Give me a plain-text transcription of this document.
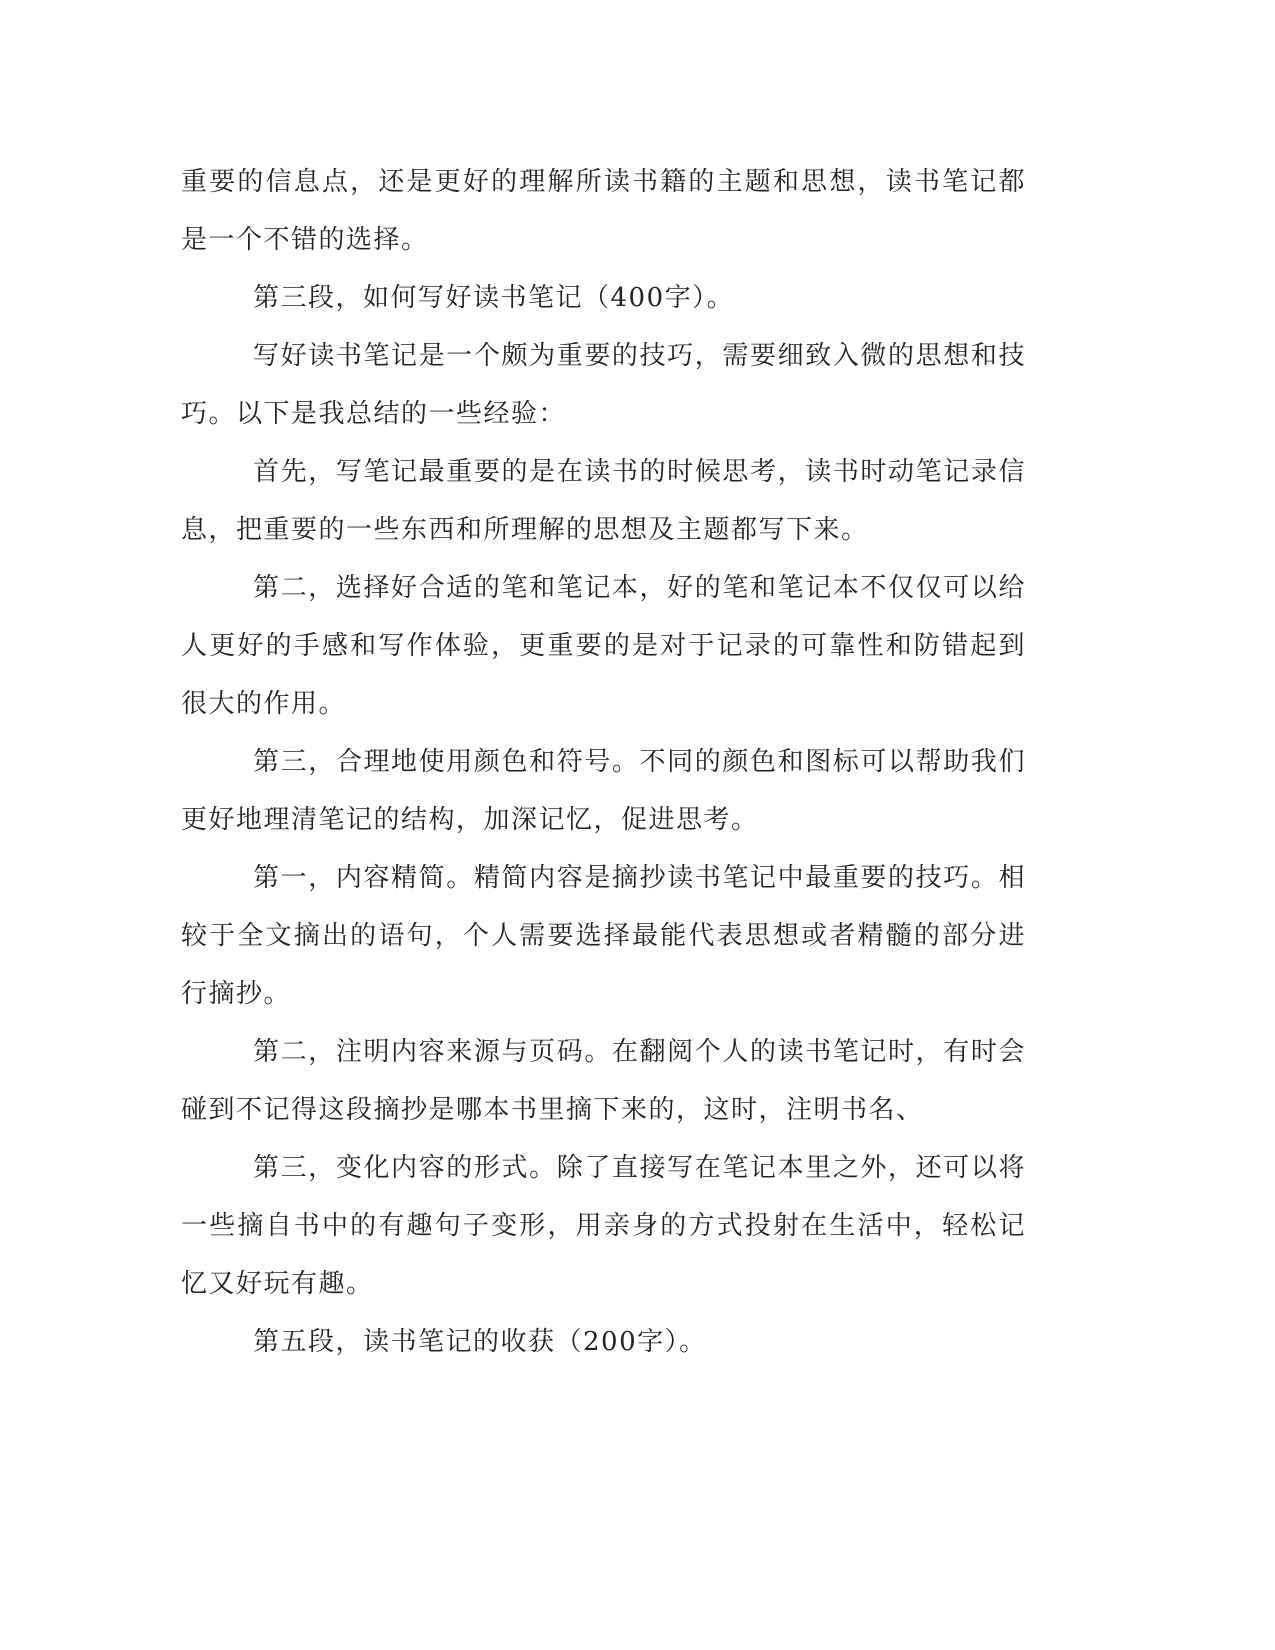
重要的信息点，还是更好的理解所读书籍的主题和思想，读书笔记都是一个不错的选择。

第三段，如何写好读书笔记（400字）。

写好读书笔记是一个颇为重要的技巧，需要细致入微的思想和技巧。以下是我总结的一些经验：

首先，写笔记最重要的是在读书的时候思考，读书时动笔记录信息，把重要的一些东西和所理解的思想及主题都写下来。

第二，选择好合适的笔和笔记本，好的笔和笔记本不仅仅可以给人更好的手感和写作体验，更重要的是对于记录的可靠性和防错起到很大的作用。

第三，合理地使用颜色和符号。不同的颜色和图标可以帮助我们更好地理清笔记的结构，加深记忆，促进思考。

第一，内容精简。精简内容是摘抄读书笔记中最重要的技巧。相较于全文摘出的语句，个人需要选择最能代表思想或者精髓的部分进行摘抄。

第二，注明内容来源与页码。在翻阅个人的读书笔记时，有时会碰到不记得这段摘抄是哪本书里摘下来的，这时，注明书名、

第三，变化内容的形式。除了直接写在笔记本里之外，还可以将一些摘自书中的有趣句子变形，用亲身的方式投射在生活中，轻松记忆又好玩有趣。

第五段，读书笔记的收获（200字）。
